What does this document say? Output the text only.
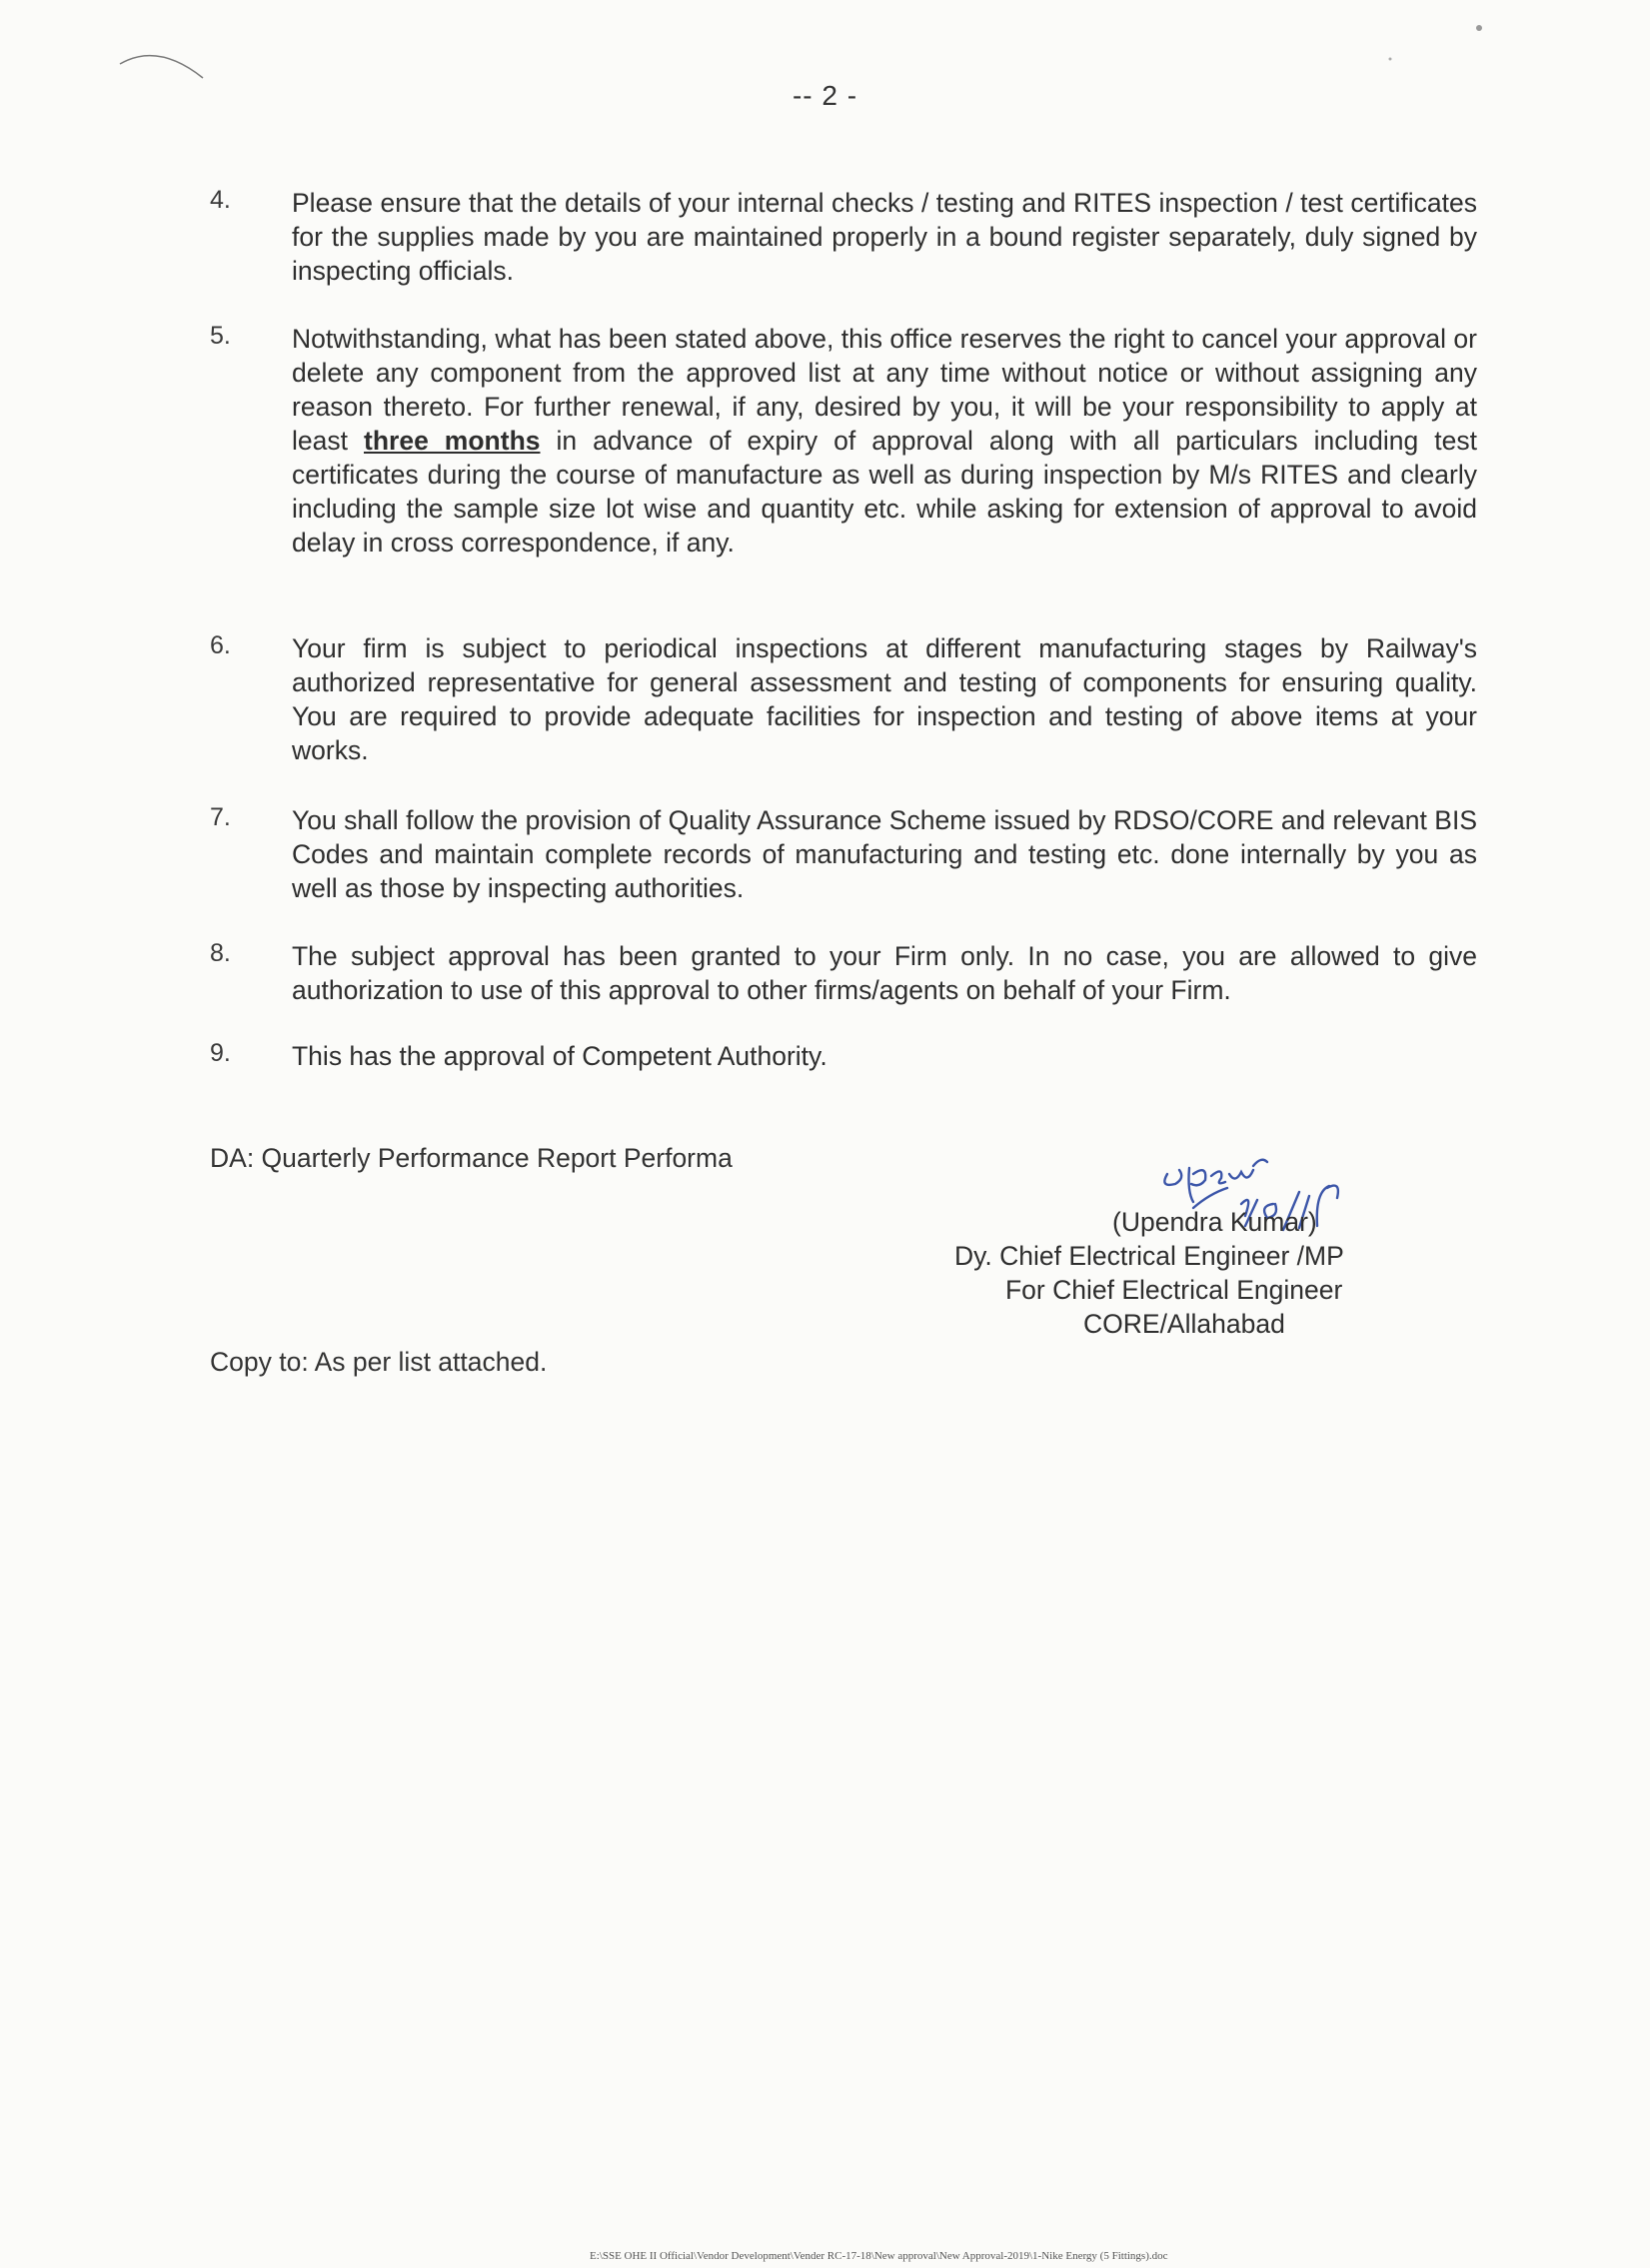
-- 2 -
4. Please ensure that the details of your internal checks / testing and RITES inspection / test certificates for the supplies made by you are maintained properly in a bound register separately, duly signed by inspecting officials.
5. Notwithstanding, what has been stated above, this office reserves the right to cancel your approval or delete any component from the approved list at any time without notice or without assigning any reason thereto. For further renewal, if any, desired by you, it will be your responsibility to apply at least three months in advance of expiry of approval along with all particulars including test certificates during the course of manufacture as well as during inspection by M/s RITES and clearly including the sample size lot wise and quantity etc. while asking for extension of approval to avoid delay in cross correspondence, if any.
6. Your firm is subject to periodical inspections at different manufacturing stages by Railway's authorized representative for general assessment and testing of components for ensuring quality. You are required to provide adequate facilities for inspection and testing of above items at your works.
7. You shall follow the provision of Quality Assurance Scheme issued by RDSO/CORE and relevant BIS Codes and maintain complete records of manufacturing and testing etc. done internally by you as well as those by inspecting authorities.
8. The subject approval has been granted to your Firm only. In no case, you are allowed to give authorization to use of this approval to other firms/agents on behalf of your Firm.
9. This has the approval of Competent Authority.
DA: Quarterly Performance Report Performa
(Upendra Kumar)
Dy. Chief Electrical Engineer /MP
For Chief Electrical Engineer
CORE/Allahabad
Copy to: As per list attached.
E:\SSE OHE II Official\Vendor Development\Vender RC-17-18\New approval\New Approval-2019\1-Nike Energy (5 Fittings).doc
